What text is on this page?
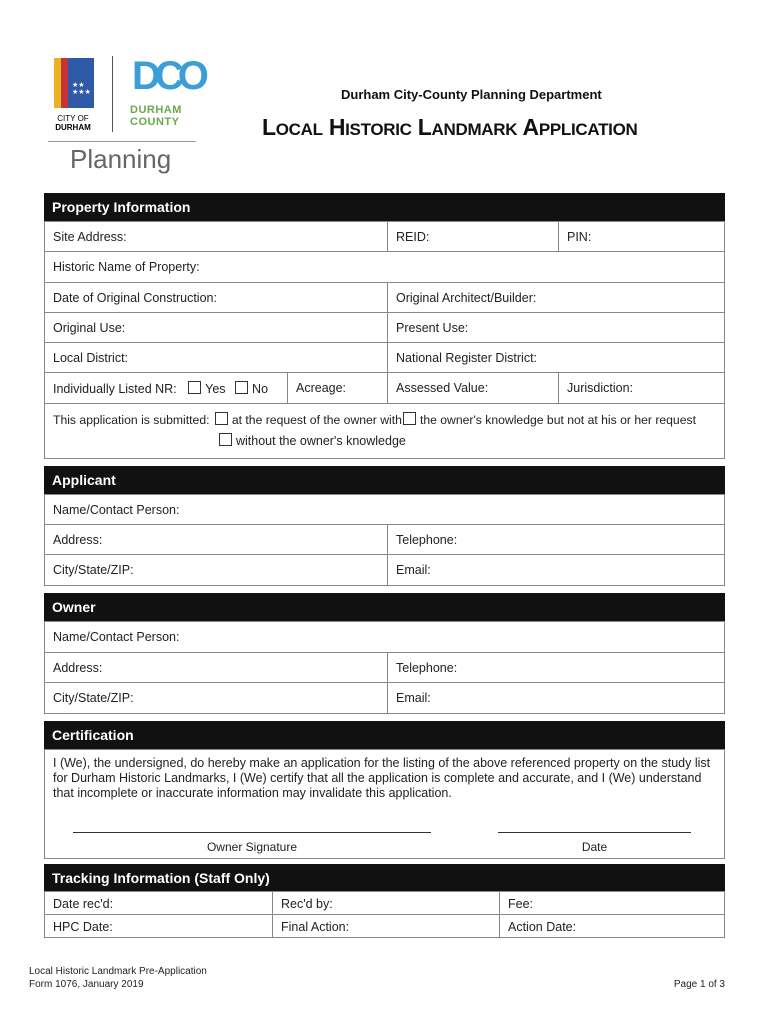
★★
★★★
CITY OF
DURHAM
DCO
DURHAM
COUNTY
Planning
Durham City-County Planning Department
LOCAL HISTORIC LANDMARK APPLICATION
Property Information
Site Address:	REID:	PIN:
Historic Name of Property:
Date of Original Construction:	Original Architect/Builder:
Original Use:	Present Use:
Local District:	National Register District:
Individually Listed NR: Yes No	Acreage:	Assessed Value:	Jurisdiction:
This application is submitted: at the request of the owner with the owner's knowledge but not at his or her request
without the owner's knowledge
Applicant
Name/Contact Person:
Address:	Telephone:
City/State/ZIP:	Email:
Owner
Name/Contact Person:
Address:	Telephone:
City/State/ZIP:	Email:
Certification
I (We), the undersigned, do hereby make an application for the listing of the above referenced property on the study list for Durham Historic Landmarks, I (We) certify that all the application is complete and accurate, and I (We) understand that incomplete or inaccurate information may invalidate this application.
Owner Signature	Date
Tracking Information (Staff Only)
Date rec'd:	Rec'd by:	Fee:
HPC Date:	Final Action:	Action Date:
Local Historic Landmark Pre-Application
Form 1076, January 2019	Page 1 of 3
